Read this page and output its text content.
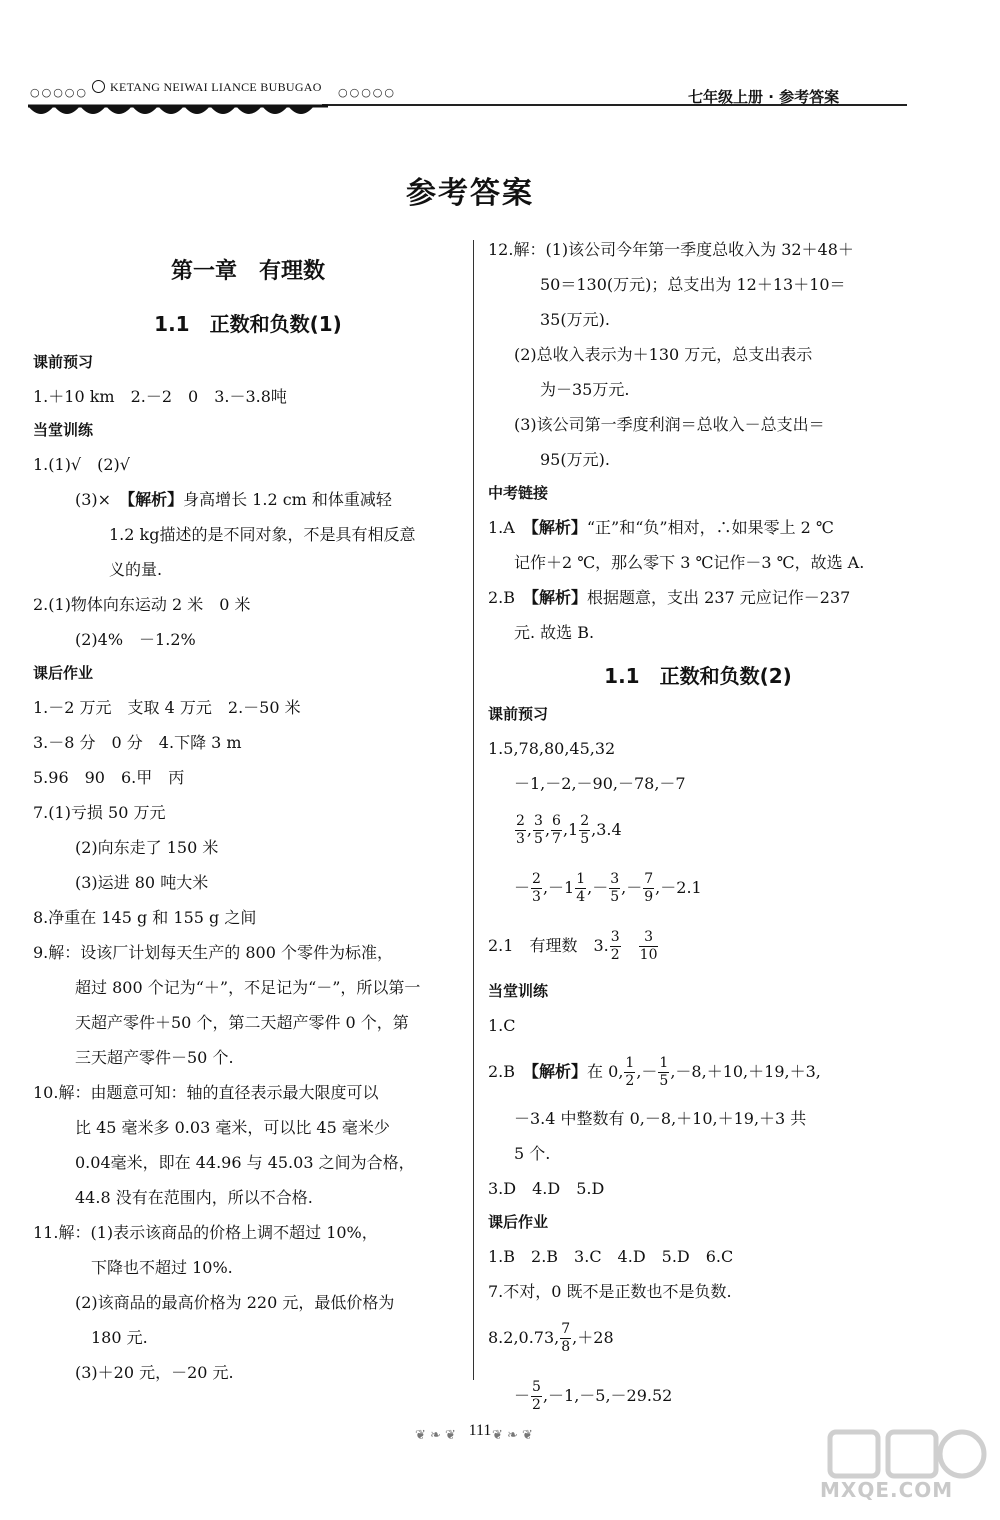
○○○○○	KETANG NEIWAI LIANCE BUBUGAO ○○○○○	七年级上册 · 参考答案
参考答案
第一章　有理数
1.1　正数和负数(1)
课前预习
1.＋10 km　2.－2　0　3.－3.8吨
当堂训练
1.(1)√　(2)√
(3)×　【解析】身高增长 1.2 cm 和体重减轻
1.2 kg描述的是不同对象，不是具有相反意
义的量.
2.(1)物体向东运动 2 米　0 米
(2)4%　－1.2%
课后作业
1.－2 万元　支取 4 万元　2.－50 米
3.－8 分　0 分　4.下降 3 m
5.96　90　6.甲　丙
7.(1)亏损 50 万元
(2)向东走了 150 米
(3)运进 80 吨大米
8.净重在 145 g 和 155 g 之间
9.解：设该厂计划每天生产的 800 个零件为标准，
超过 800 个记为“＋”，不足记为“－”，所以第一
天超产零件＋50 个，第二天超产零件 0 个，第
三天超产零件－50 个.
10.解：由题意可知：轴的直径表示最大限度可以
比 45 毫米多 0.03 毫米，可以比 45 毫米少
0.04毫米，即在 44.96 与 45.03 之间为合格，
44.8 没有在范围内，所以不合格.
11.解：(1)表示该商品的价格上调不超过 10%，
下降也不超过 10%.
(2)该商品的最高价格为 220 元，最低价格为
180 元.
(3)＋20 元，－20 元.
12.解：(1)该公司今年第一季度总收入为 32＋48＋
50＝130(万元)；总支出为 12＋13＋10＝
35(万元).
(2)总收入表示为＋130 万元，总支出表示
为－35万元.
(3)该公司第一季度利润＝总收入－总支出＝
95(万元).
中考链接
1.A　【解析】“正”和“负”相对，∴如果零上 2 ℃
记作＋2 ℃，那么零下 3 ℃记作－3 ℃，故选 A.
2.B　【解析】根据题意，支出 237 元应记作－237
元. 故选 B.
1.1　正数和负数(2)
课前预习
1.5,78,80,45,32
－1,－2,－90,－78,－7
$\frac{2}{3}$ , $\frac{3}{5}$ , $\frac{6}{7} ,1 \frac{2}{5} ,3.4$
－ $\frac{2}{3} ,-1 \frac{1}{4}$ ,－ $\frac{3}{5}$ ,－ $\frac{7}{9} ,-2.1$
2.1　有理数　3. $\frac{3}{2}$
　 $\frac{3}{10}$
当堂训练
1.C
2.B　【解析】在 0, $\frac{1}{2}$ ,－ $\frac{1}{5} ,-8,+10,+19,+3$,
－3.4 中整数有 0,－8,＋10,＋19,＋3 共
5 个.
3.D　4.D　5.D
课后作业
1.B　2.B　3.C　4.D　5.D　6.C
7.不对，0 既不是正数也不是负数.
8.2,0.73, $\frac{7}{8} ,+28$
－ $\frac{5}{2} ,-1,-5,-29.52$
❦ ❧ ❦ 111 ❦ ❧ ❦
MXQE.COM
